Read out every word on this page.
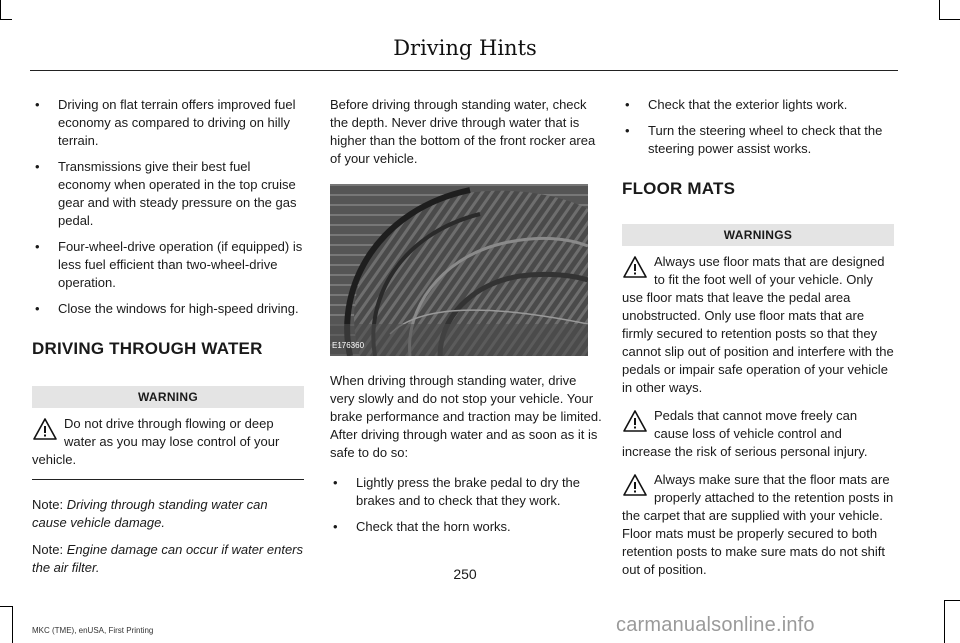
Driving Hints
• Driving on flat terrain offers improved fuel economy as compared to driving on hilly terrain.
• Transmissions give their best fuel economy when operated in the top cruise gear and with steady pressure on the gas pedal.
• Four-wheel-drive operation (if equipped) is less fuel efficient than two-wheel-drive operation.
• Close the windows for high-speed driving.
DRIVING THROUGH WATER
WARNING
Do not drive through flowing or deep water as you may lose control of your vehicle.
Note: Driving through standing water can cause vehicle damage.
Note: Engine damage can occur if water enters the air filter.

Before driving through standing water, check the depth. Never drive through water that is higher than the bottom of the front rocker area of your vehicle.

E176360

When driving through standing water, drive very slowly and do not stop your vehicle. Your brake performance and traction may be limited. After driving through water and as soon as it is safe to do so:

• Lightly press the brake pedal to dry the brakes and to check that they work.
• Check that the horn works.
• Check that the exterior lights work.
• Turn the steering wheel to check that the steering power assist works.
FLOOR MATS
WARNINGS
Always use floor mats that are designed to fit the foot well of your vehicle. Only use floor mats that leave the pedal area unobstructed. Only use floor mats that are firmly secured to retention posts so that they cannot slip out of position and interfere with the pedals or impair safe operation of your vehicle in other ways.
Pedals that cannot move freely can cause loss of vehicle control and increase the risk of serious personal injury.
Always make sure that the floor mats are properly attached to the retention posts in the carpet that are supplied with your vehicle. Floor mats must be properly secured to both retention posts to make sure mats do not shift out of position.
250
MKC (TME), enUSA, First Printing	carmanualsonline.info
